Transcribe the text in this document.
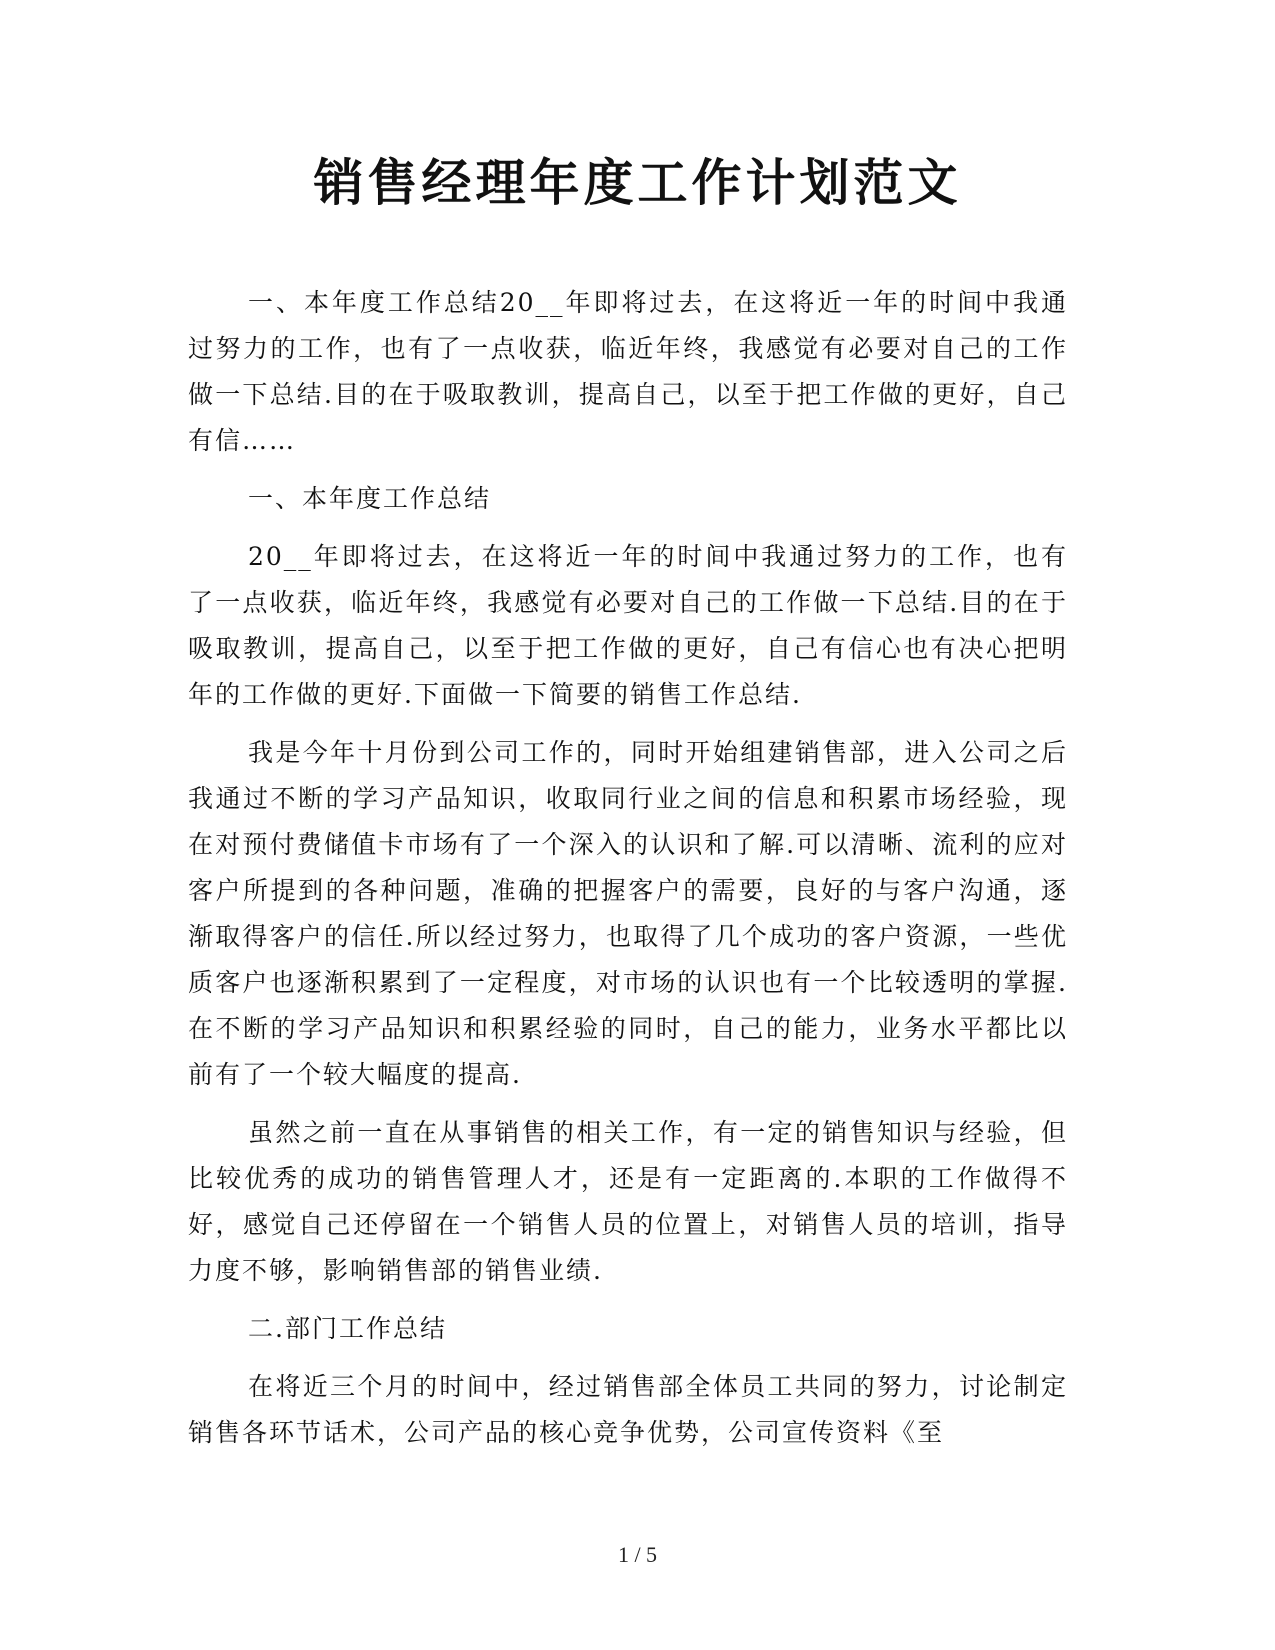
销售经理年度工作计划范文

一、本年度工作总结20__年即将过去，在这将近一年的时间中我通过努力的工作，也有了一点收获，临近年终，我感觉有必要对自己的工作做一下总结.目的在于吸取教训，提高自己，以至于把工作做的更好，自己有信……

一、本年度工作总结

20__年即将过去，在这将近一年的时间中我通过努力的工作，也有了一点收获，临近年终，我感觉有必要对自己的工作做一下总结.目的在于吸取教训，提高自己，以至于把工作做的更好，自己有信心也有决心把明年的工作做的更好.下面做一下简要的销售工作总结.

我是今年十月份到公司工作的，同时开始组建销售部，进入公司之后我通过不断的学习产品知识，收取同行业之间的信息和积累市场经验，现在对预付费储值卡市场有了一个深入的认识和了解.可以清晰、流利的应对客户所提到的各种问题，准确的把握客户的需要，良好的与客户沟通，逐渐取得客户的信任.所以经过努力，也取得了几个成功的客户资源，一些优质客户也逐渐积累到了一定程度，对市场的认识也有一个比较透明的掌握.在不断的学习产品知识和积累经验的同时，自己的能力，业务水平都比以前有了一个较大幅度的提高.

虽然之前一直在从事销售的相关工作，有一定的销售知识与经验，但比较优秀的成功的销售管理人才，还是有一定距离的.本职的工作做得不好，感觉自己还停留在一个销售人员的位置上，对销售人员的培训，指导力度不够，影响销售部的销售业绩.

二.部门工作总结

在将近三个月的时间中，经过销售部全体员工共同的努力，讨论制定销售各环节话术，公司产品的核心竞争优势，公司宣传资料《至

1 / 5
